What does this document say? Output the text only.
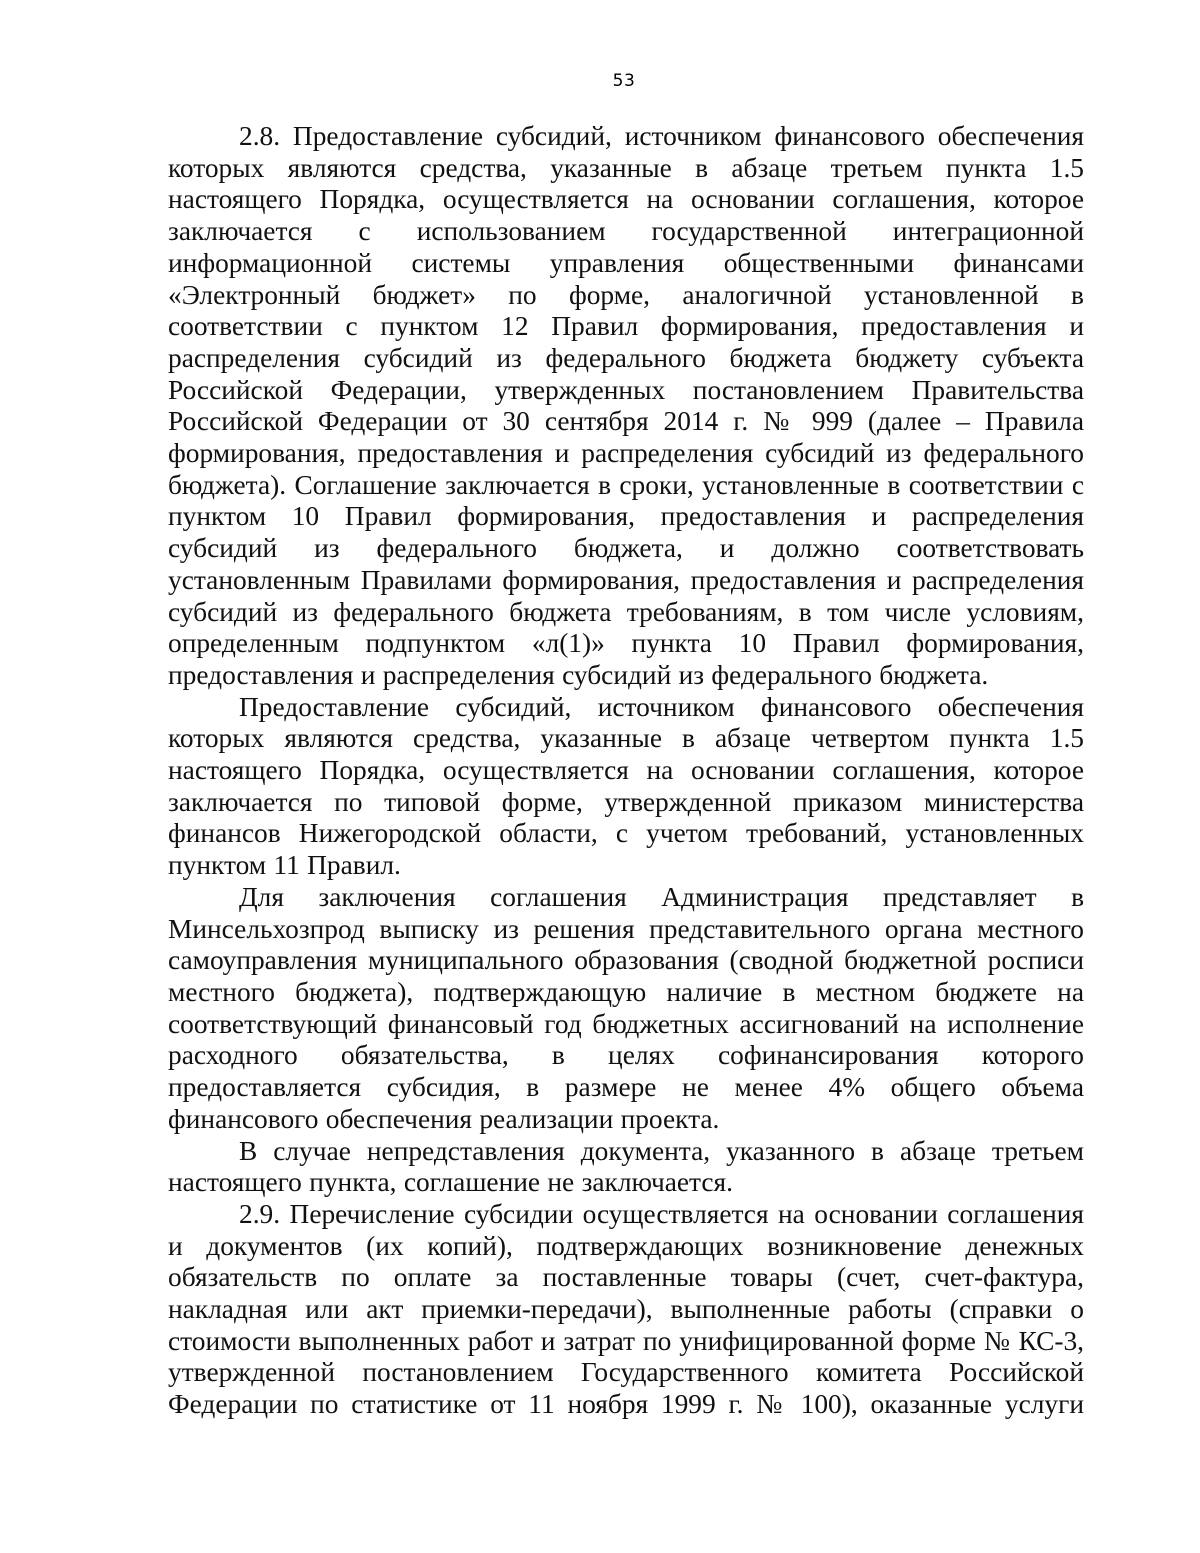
53
2.8. Предоставление субсидий, источником финансового обеспечения
которых являются средства, указанные в абзаце третьем пункта 1.5
настоящего Порядка, осуществляется на основании соглашения, которое
заключается с использованием государственной интеграционной
информационной системы управления общественными финансами
«Электронный бюджет» по форме, аналогичной установленной в
соответствии с пунктом 12 Правил формирования, предоставления и
распределения субсидий из федерального бюджета бюджету субъекта
Российской Федерации, утвержденных постановлением Правительства
Российской Федерации от 30 сентября 2014 г. № 999 (далее – Правила
формирования, предоставления и распределения субсидий из федерального
бюджета). Соглашение заключается в сроки, установленные в соответствии с
пунктом 10 Правил формирования, предоставления и распределения
субсидий из федерального бюджета, и должно соответствовать
установленным Правилами формирования, предоставления и распределения
субсидий из федерального бюджета требованиям, в том числе условиям,
определенным подпунктом «л(1)» пункта 10 Правил формирования,
предоставления и распределения субсидий из федерального бюджета.
Предоставление субсидий, источником финансового обеспечения
которых являются средства, указанные в абзаце четвертом пункта 1.5
настоящего Порядка, осуществляется на основании соглашения, которое
заключается по типовой форме, утвержденной приказом министерства
финансов Нижегородской области, с учетом требований, установленных
пунктом 11 Правил.
Для заключения соглашения Администрация представляет в
Минсельхозпрод выписку из решения представительного органа местного
самоуправления муниципального образования (сводной бюджетной росписи
местного бюджета), подтверждающую наличие в местном бюджете на
соответствующий финансовый год бюджетных ассигнований на исполнение
расходного обязательства, в целях софинансирования которого
предоставляется субсидия, в размере не менее 4% общего объема
финансового обеспечения реализации проекта.
В случае непредставления документа, указанного в абзаце третьем
настоящего пункта, соглашение не заключается.
2.9. Перечисление субсидии осуществляется на основании соглашения
и документов (их копий), подтверждающих возникновение денежных
обязательств по оплате за поставленные товары (счет, счет-фактура,
накладная или акт приемки-передачи), выполненные работы (справки о
стоимости выполненных работ и затрат по унифицированной форме № КС-3,
утвержденной постановлением Государственного комитета Российской
Федерации по статистике от 11 ноября 1999 г. № 100), оказанные услуги
